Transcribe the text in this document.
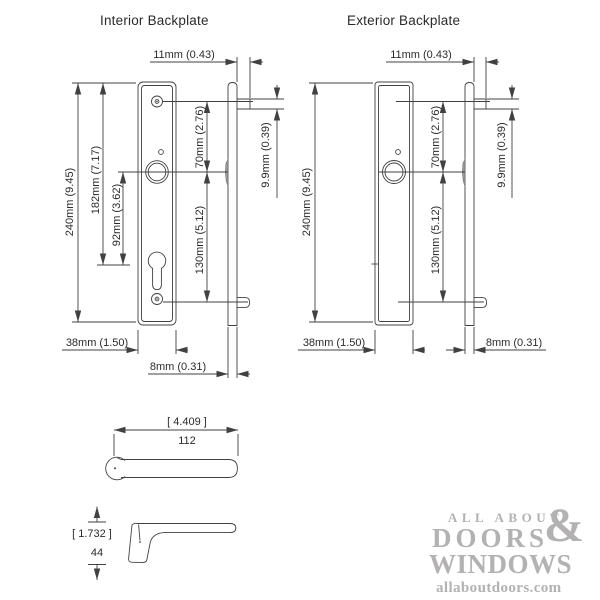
Interior Backplate	Exterior Backplate
11mm (0.43)
240mm (9.45) 182mm (7.17)
92mm (3.62)
70mm (2.76)
130mm (5.12)
9.9mm (0.39)
38mm (1.50)
8mm (0.31)
11mm (0.43)
240mm (9.45)
70mm (2.76)
130mm (5.12)
9.9mm (0.39)
38mm (1.50)	8mm (0.31)
[ 4.409 ]
112
[ 1.732 ]
44
ALL ABOUT
&
DOORS
WINDOWS
allaboutdoors.com
